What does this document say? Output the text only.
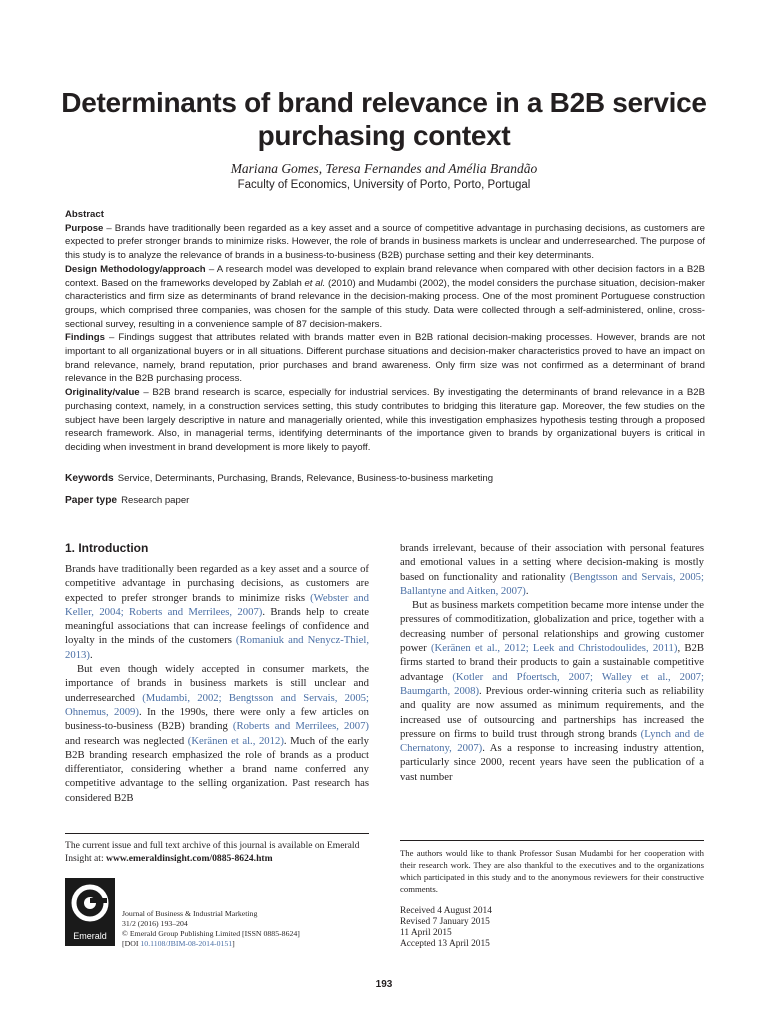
Determinants of brand relevance in a B2B service purchasing context
Mariana Gomes, Teresa Fernandes and Amélia Brandão
Faculty of Economics, University of Porto, Porto, Portugal

Abstract

Purpose – Brands have traditionally been regarded as a key asset and a source of competitive advantage in purchasing decisions, as customers are expected to prefer stronger brands to minimize risks. However, the role of brands in business markets is unclear and underresearched. The purpose of this study is to analyze the relevance of brands in a business-to-business (B2B) purchase setting and their key determinants.

Design Methodology/approach – A research model was developed to explain brand relevance when compared with other decision factors in a B2B context. Based on the frameworks developed by Zablah et al. (2010) and Mudambi (2002), the model considers the purchase situation, decision-maker characteristics and firm size as determinants of brand relevance in the decision-making process. One of the most prominent Portuguese construction groups, which comprised three companies, was chosen for the sample of this study. Data were collected through a self-administered, online, cross-sectional survey, resulting in a convenience sample of 87 decision-makers.

Findings – Findings suggest that attributes related with brands matter even in B2B rational decision-making processes. However, brands are not important to all organizational buyers or in all situations. Different purchase situations and decision-maker characteristics proved to have an impact on brand relevance, namely, brand reputation, prior purchases and brand awareness. Only firm size was not confirmed as a determinant of brand relevance in the B2B purchasing process.

Originality/value – B2B brand research is scarce, especially for industrial services. By investigating the determinants of brand relevance in a B2B purchasing context, namely, in a construction services setting, this study contributes to bridging this literature gap. Moreover, the few studies on the subject have been largely descriptive in nature and managerially oriented, while this investigation emphasizes hypothesis testing through a proposed research framework. Also, in managerial terms, identifying determinants of the importance given to brands by organizational buyers is critical in deciding when investment in brand development is more likely to payoff.

Keywords Service, Determinants, Purchasing, Brands, Relevance, Business-to-business marketing
Paper type Research paper
1. Introduction

Brands have traditionally been regarded as a key asset and a source of competitive advantage in purchasing decisions, as customers are expected to prefer stronger brands to minimize risks (Webster and Keller, 2004; Roberts and Merrilees, 2007). Brands help to create meaningful associations that can increase feelings of confidence and loyalty in the minds of the customers (Romaniuk and Nenycz-Thiel, 2013).

But even though widely accepted in consumer markets, the importance of brands in business markets is still unclear and underresearched (Mudambi, 2002; Bengtsson and Servais, 2005; Ohnemus, 2009). In the 1990s, there were only a few articles on business-to-business (B2B) branding (Roberts and Merrilees, 2007) and research was neglected (Keränen et al., 2012). Much of the early B2B branding research emphasized the role of brands as a product differentiator, considering whether a brand name conferred any competitive advantage to the selling organization. Past research has considered B2B

brands irrelevant, because of their association with personal features and emotional values in a setting where decision-making is mostly based on functionality and rationality (Bengtsson and Servais, 2005; Ballantyne and Aitken, 2007).

But as business markets competition became more intense under the pressures of commoditization, globalization and price, together with a decreasing number of personal relationships and growing customer power (Keränen et al., 2012; Leek and Christodoulides, 2011), B2B firms started to brand their products to gain a sustainable competitive advantage (Kotler and Pfoertsch, 2007; Walley et al., 2007; Baumgarth, 2008). Previous order-winning criteria such as reliability and quality are now assumed as minimum requirements, and the increased use of outsourcing and partnerships has increased the pressure on firms to build trust through strong brands (Lynch and de Chernatony, 2007). As a response to increasing industry attention, particularly since 2000, recent years have seen the publication of a vast number

The current issue and full text archive of this journal is available on Emerald Insight at: www.emeraldinsight.com/0885-8624.htm
Emerald
Journal of Business & Industrial Marketing
31/2 (2016) 193–204
© Emerald Group Publishing Limited [ISSN 0885-8624]
[DOI 10.1108/JBIM-08-2014-0151]
The authors would like to thank Professor Susan Mudambi for her cooperation with their research work. They are also thankful to the executives and to the organizations which participated in this study and to the anonymous reviewers for their constructive comments.
Received 4 August 2014
Revised 7 January 2015
11 April 2015
Accepted 13 April 2015
193
